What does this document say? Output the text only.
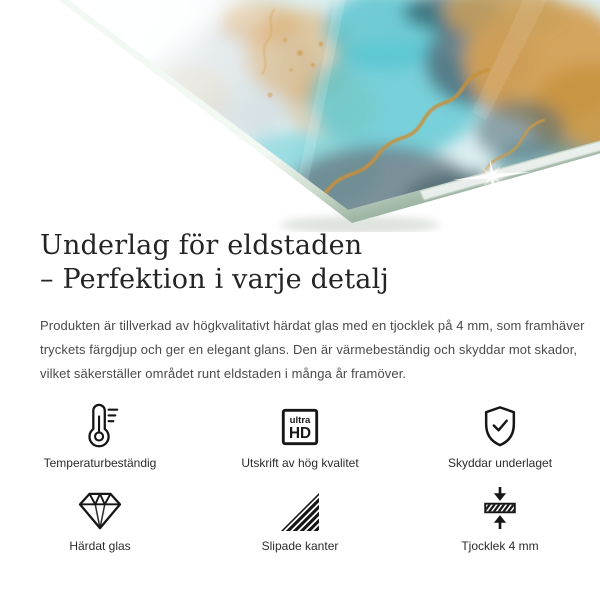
Underlag för eldstaden
– Perfektion i varje detalj
Produkten är tillverkad av högkvalitativt härdat glas med en tjocklek på 4 mm, som framhäver
tryckets färgdjup och ger en elegant glans. Den är värmebeständig och skyddar mot skador,
vilket säkerställer området runt eldstaden i många år framöver.
Temperaturbeständig
ultra
HD
Utskrift av hög kvalitet	Skyddar underlaget
Härdat glas	Slipade kanter	Tjocklek 4 mm
